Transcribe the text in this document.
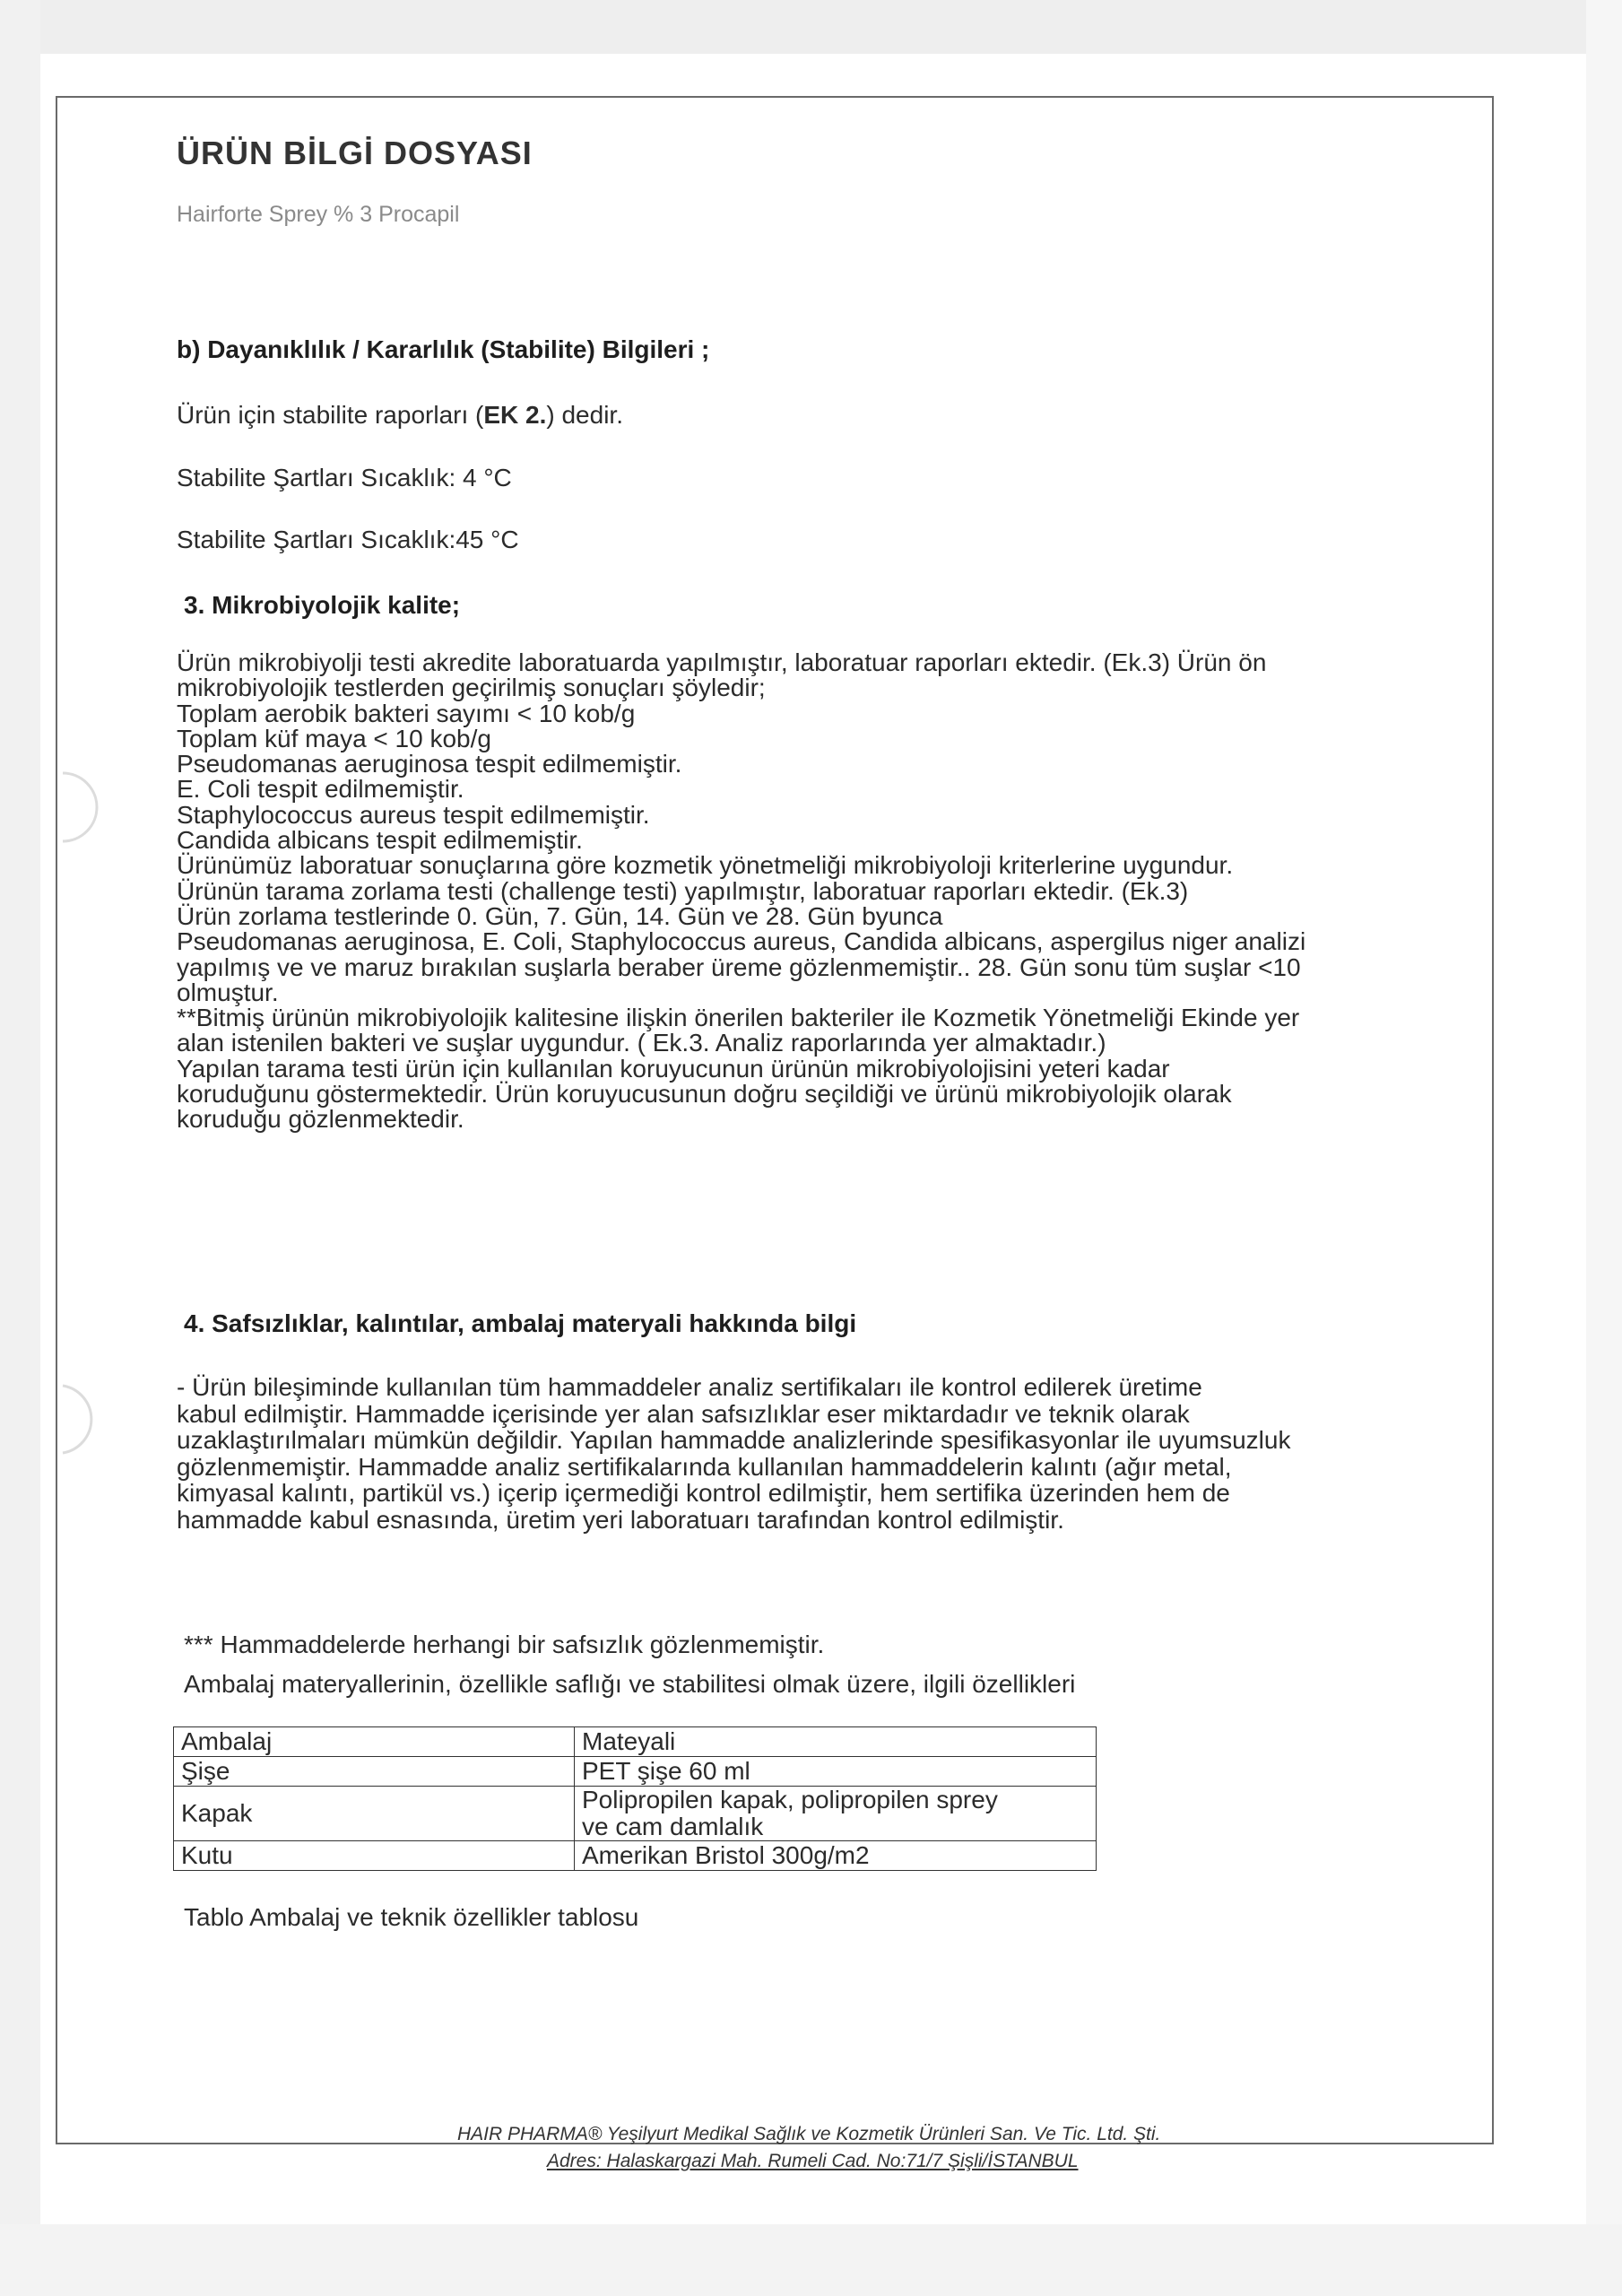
ÜRÜN BİLGİ DOSYASI
Hairforte Sprey % 3 Procapil
b) Dayanıklılık / Kararlılık (Stabilite) Bilgileri ;
Ürün için stabilite raporları (EK 2.) dedir.
Stabilite Şartları Sıcaklık: 4 °C
Stabilite Şartları Sıcaklık:45 °C
3. Mikrobiyolojik kalite;
Ürün mikrobiyolji testi akredite laboratuarda yapılmıştır, laboratuar raporları ektedir. (Ek.3) Ürün ön
mikrobiyolojik testlerden geçirilmiş sonuçları şöyledir;
Toplam aerobik bakteri sayımı < 10 kob/g
Toplam küf maya < 10 kob/g
Pseudomanas aeruginosa tespit edilmemiştir.
E. Coli tespit edilmemiştir.
Staphylococcus aureus tespit edilmemiştir.
Candida albicans tespit edilmemiştir.
Ürünümüz laboratuar sonuçlarına göre kozmetik yönetmeliği mikrobiyoloji kriterlerine uygundur.
Ürünün tarama zorlama testi (challenge testi) yapılmıştır, laboratuar raporları ektedir. (Ek.3)
Ürün zorlama testlerinde 0. Gün, 7. Gün, 14. Gün ve 28. Gün byunca
Pseudomanas aeruginosa, E. Coli, Staphylococcus aureus, Candida albicans, aspergilus niger analizi
yapılmış ve ve maruz bırakılan suşlarla beraber üreme gözlenmemiştir.. 28. Gün sonu tüm suşlar <10
olmuştur.
**Bitmiş ürünün mikrobiyolojik kalitesine ilişkin önerilen bakteriler ile Kozmetik Yönetmeliği Ekinde yer
alan istenilen bakteri ve suşlar uygundur. ( Ek.3. Analiz raporlarında yer almaktadır.)
Yapılan tarama testi ürün için kullanılan koruyucunun ürünün mikrobiyolojisini yeteri kadar
koruduğunu göstermektedir. Ürün koruyucusunun doğru seçildiği ve ürünü mikrobiyolojik olarak
koruduğu gözlenmektedir.
4. Safsızlıklar, kalıntılar, ambalaj materyali hakkında bilgi
- Ürün bileşiminde kullanılan tüm hammaddeler analiz sertifikaları ile kontrol edilerek üretime
kabul edilmiştir. Hammadde içerisinde yer alan safsızlıklar eser miktardadır ve teknik olarak
uzaklaştırılmaları mümkün değildir. Yapılan hammadde analizlerinde spesifikasyonlar ile uyumsuzluk
gözlenmemiştir. Hammadde analiz sertifikalarında kullanılan hammaddelerin kalıntı (ağır metal,
kimyasal kalıntı, partikül vs.) içerip içermediği kontrol edilmiştir, hem sertifika üzerinden hem de
hammadde kabul esnasında, üretim yeri laboratuarı tarafından kontrol edilmiştir.
*** Hammaddelerde herhangi bir safsızlık gözlenmemiştir.
Ambalaj materyallerinin, özellikle saflığı ve stabilitesi olmak üzere, ilgili özellikleri
Ambalaj	Mateyali
Şişe	PET şişe 60 ml
Kapak	Polipropilen kapak, polipropilen sprey
ve cam damlalık

Kutu	Amerikan Bristol 300g/m2
Tablo Ambalaj ve teknik özellikler tablosu
HAIR PHARMA® Yeşilyurt Medikal Sağlık ve Kozmetik Ürünleri San. Ve Tic. Ltd. Şti.
Adres: Halaskargazi Mah. Rumeli Cad. No:71/7 Şişli/İSTANBUL
